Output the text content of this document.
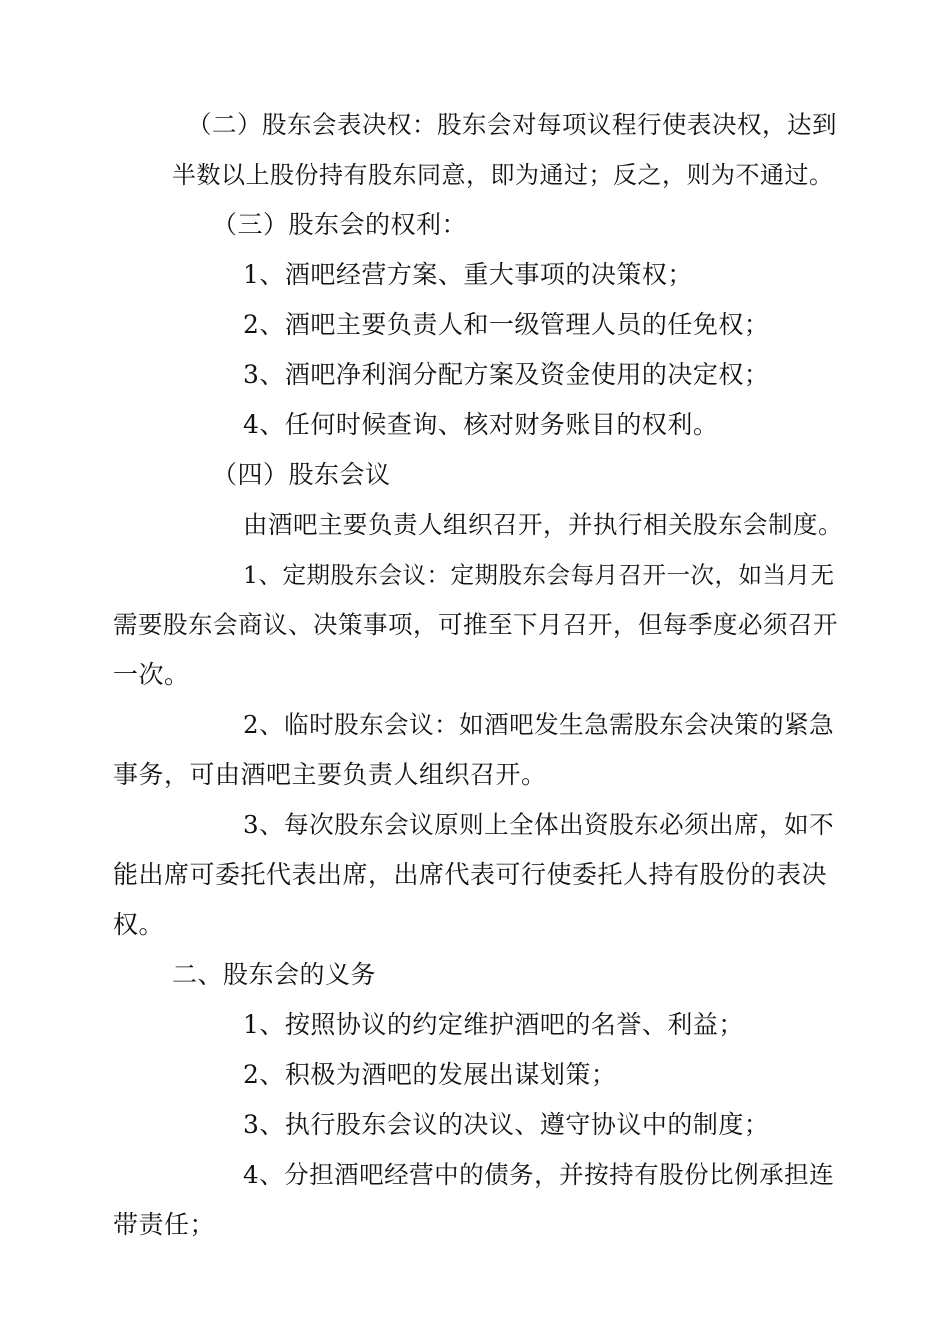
（二）股东会表决权：股东会对每项议程行使表决权，达到
半数以上股份持有股东同意，即为通过；反之，则为不通过。
（三）股东会的权利：
1、酒吧经营方案、重大事项的决策权；
2、酒吧主要负责人和一级管理人员的任免权；
3、酒吧净利润分配方案及资金使用的决定权；
4、任何时候查询、核对财务账目的权利。
（四）股东会议
由酒吧主要负责人组织召开，并执行相关股东会制度。
1、定期股东会议：定期股东会每月召开一次，如当月无
需要股东会商议、决策事项，可推至下月召开，但每季度必须召开
一次。
2、临时股东会议：如酒吧发生急需股东会决策的紧急
事务，可由酒吧主要负责人组织召开。
3、每次股东会议原则上全体出资股东必须出席，如不
能出席可委托代表出席，出席代表可行使委托人持有股份的表决
权。
二、股东会的义务
1、按照协议的约定维护酒吧的名誉、利益；
2、积极为酒吧的发展出谋划策；
3、执行股东会议的决议、遵守协议中的制度；
4、分担酒吧经营中的债务，并按持有股份比例承担连
带责任；
